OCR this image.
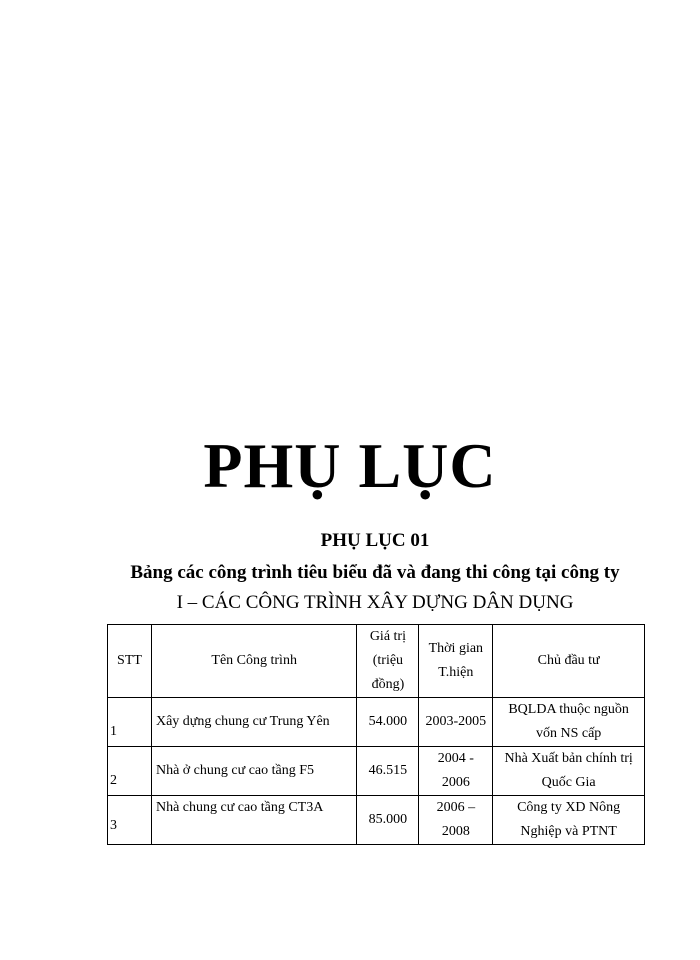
PHỤ LỤC
PHỤ LỤC 01
Bảng các công trình tiêu biểu đã và đang thi công tại công ty
I – CÁC CÔNG TRÌNH XÂY DỰNG DÂN DỤNG
STT	Tên Công trình	Giá trị (triệu đồng)	Thời gian T.hiện	Chủ đầu tư
1	Xây dựng chung cư Trung Yên	54.000	2003-2005	BQLDA thuộc nguồn vốn NS cấp
2	Nhà ở chung cư cao tầng F5	46.515	2004 - 2006	Nhà Xuất bản chính trị Quốc Gia
3	Nhà chung cư cao tầng CT3A	85.000	2006 – 2008	Công ty XD Nông Nghiệp và PTNT
